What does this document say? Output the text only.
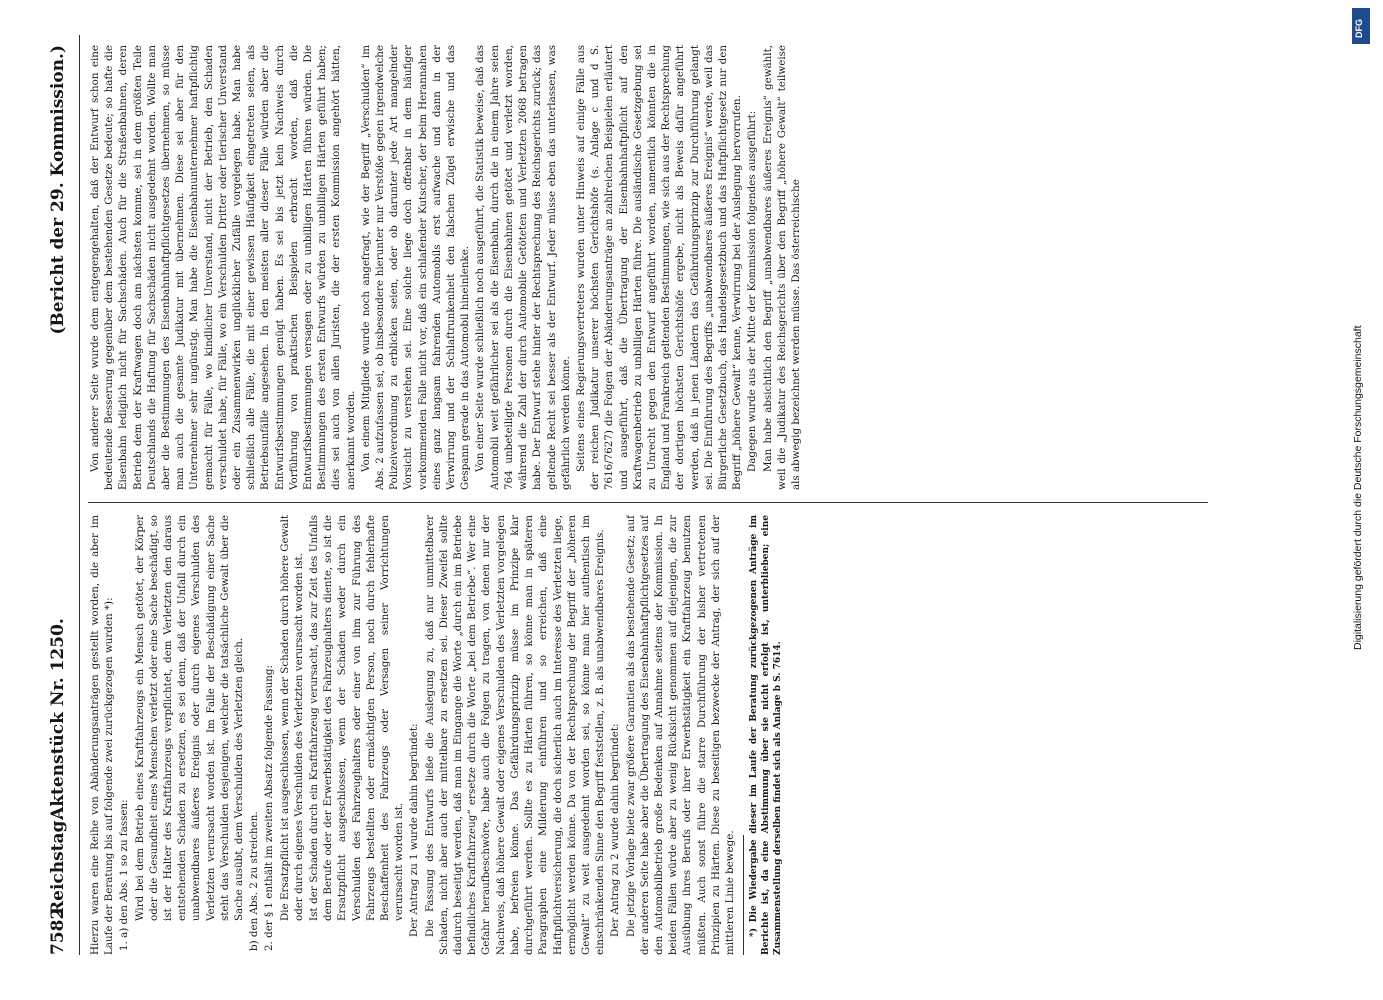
7582
Reichstag.
Aktenstück Nr. 1250.
(Bericht der 29. Kommission.)

Hierzu waren eine Reihe von Abänderungsanträgen gestellt worden, die aber im Laufe der Beratung bis auf folgende zwei zurückgezogen wurden *): 1. a) den Abs. 1 so zu fassen: Wird bei dem Betrieb eines Kraftfahrzeugs ein Mensch getötet, der Körper oder die Gesundheit eines Menschen verletzt oder eine Sache beschädigt, so ist der Halter des Kraftfahrzeugs verpflichtet, dem Verletzten den daraus entstehenden Schaden zu ersetzen, es sei denn, daß der Unfall durch ein unabwendbares äußeres Ereignis oder durch eigenes Verschulden des Verletzten verursacht worden ist. Im Falle der Beschädigung einer Sache steht das Verschulden desjenigen, welcher die tatsächliche Gewalt über die Sache ausübt, dem Verschulden des Verletzten gleich. b) den Abs. 2 zu streichen. 2. der § 1 enthält im zweiten Absatz folgende Fassung: Die Ersatzpflicht ist ausgeschlossen, wenn der Schaden durch höhere Gewalt oder durch eigenes Verschulden des Verletzten verursacht worden ist. Ist der Schaden durch ein Kraftfahrzeug verursacht, das zur Zeit des Unfalls dem Berufe oder der Erwerbstätigkeit des Fahrzeughalters diente, so ist die Ersatzpflicht ausgeschlossen, wenn der Schaden weder durch ein Verschulden des Fahrzeughalters oder einer von ihm zur Führung des Fahrzeugs bestellten oder ermächtigten Person, noch durch fehlerhafte Beschaffenheit des Fahrzeugs oder Versagen seiner Vorrichtungen verursacht worden ist. Der Antrag zu 1 wurde dahin begründet: Die Fassung des Entwurfs ließe die Auslegung zu, daß nur unmittelbarer Schaden, nicht aber auch der mittelbare zu ersetzen sei. Dieser Zweifel sollte dadurch beseitigt werden, daß man im Eingange die Worte „durch ein im Betriebe befindliches Kraftfahrzeug“ ersetze durch die Worte „bei dem Betriebe“. Wer eine Gefahr heraufbeschwöre, habe auch die Folgen zu tragen, von denen nur der Nachweis, daß höhere Gewalt oder eigenes Verschulden des Verletzten vorgelegen habe, befreien könne. Das Gefährdungsprinzip müsse im Prinzipe klar durchgeführt werden. Sollte es zu Härten führen, so könne man in späteren Paragraphen eine Milderung einführen und so erreichen, daß eine Haftpflichtversicherung, die doch sicherlich auch im Interesse des Verletzten liege, ermöglicht werden könne. Da von der Rechtsprechung der Begriff der „höheren Gewalt“ zu weit ausgedehnt worden sei, so könne man hier authentisch im einschränkenden Sinne den Begriff feststellen, z. B. als unabwendbares Ereignis. Der Antrag zu 2 wurde dahin begründet: Die jetzige Vorlage biete zwar größere Garantien als das bestehende Gesetz; auf der anderen Seite habe aber die Übertragung des Eisenbahnhaftpflichtgesetzes auf den Automobilbetrieb große Bedenken auf Annahme seitens der Kommission. In beiden Fällen würde aber zu wenig Rücksicht genommen auf diejenigen, die zur Ausübung ihres Berufs oder ihrer Erwerbstätigkeit ein Kraftfahrzeug benutzen müßten. Auch sonst führe die starre Durchführung der bisher vertretenen Prinzipien zu Härten. Diese zu beseitigen bezwecke der Antrag, der sich auf der mittleren Linie bewege. *) Die Wiedergabe dieser im Laufe der Beratung zurückgezogenen Anträge im Berichte ist, da eine Abstimmung über sie nicht erfolgt ist, unterblieben; eine Zusammenstellung derselben findet sich als Anlage b S. 7614.

Von anderer Seite wurde dem entgegengehalten, daß der Entwurf schon eine bedeutende Besserung gegenüber dem bestehenden Gesetze bedeute; so hafte die Eisenbahn lediglich nicht für Sachschäden. Auch für die Straßenbahnen, deren Betrieb dem der Kraftwagen doch am nächsten komme, sei in dem größten Teile Deutschlands die Haftung für Sachschäden nicht ausgedehnt worden. Wollte man aber die Bestimmungen des Eisenbahnhaftpflichtgesetzes übernehmen, so müsse man auch die gesamte Judikatur mit übernehmen. Diese sei aber für den Unternehmer sehr ungünstig. Man habe die Eisenbahnunternehmer haftpflichtig gemacht für Fälle, wo kindlicher Unverstand, nicht der Betrieb, den Schaden verschuldet habe, für Fälle, wo ein Verschulden Dritter oder tierischer Unverstand oder ein Zusammenwirken unglücklicher Zufälle vorgelegen habe. Man habe schließlich alle Fälle, die mit einer gewissen Häufigkeit eingetreten seien, als Betriebsunfälle angesehen. In den meisten aller dieser Fälle würden aber die Entwurfsbestimmungen genügt haben. Es sei bis jetzt kein Nachweis durch Vorführung von praktischen Beispielen erbracht worden, daß die Entwurfsbestimmungen versagen oder zu unbilligen Härten führen würden. Die Bestimmungen des ersten Entwurfs würden zu unbilligen Härten geführt haben; dies sei auch von allen Juristen, die der ersten Kommission angehört hätten, anerkannt worden. Von einem Mitgliede wurde noch angefragt, wie der Begriff „Verschulden“ im Abs. 2 aufzufassen sei, ob insbesondere hierunter nur Verstöße gegen irgendwelche Polizeiverordnung zu erblicken seien, oder ob darunter jede Art mangelnder Vorsicht zu verstehen sei. Eine solche liege doch offenbar in dem häufiger vorkommenden Falle nicht vor, daß ein schlafender Kutscher, der beim Herannahen eines ganz langsam fahrenden Automobils erst aufwache und dann in der Verwirrung und der Schlaftrunkenheit den falschen Zügel erwische und das Gespann gerade in das Automobil hineinlenke. Von einer Seite wurde schließlich noch ausgeführt, die Statistik beweise, daß das Automobil weit gefährlicher sei als die Eisenbahn, durch die in einem Jahre seien 764 unbeteiligte Personen durch die Eisenbahnen getötet und verletzt worden, während die Zahl der durch Automobile Getöteten und Verletzten 2068 betragen habe. Der Entwurf stehe hinter der Rechtsprechung des Reichsgerichts zurück; das geltende Recht sei besser als der Entwurf. Jeder müsse eben das unterlassen, was gefährlich werden könne. Seitens eines Regierungsvertreters wurden unter Hinweis auf einige Fälle aus der reichen Judikatur unserer höchsten Gerichtshöfe (s. Anlage c und d S. 7616/7627) die Folgen der Abänderungsanträge an zahlreichen Beispielen erläutert und ausgeführt, daß die Übertragung der Eisenbahnhaftpflicht auf den Kraftwagenbetrieb zu unbilligen Härten führe. Die ausländische Gesetzgebung sei zu Unrecht gegen den Entwurf angeführt worden, namentlich könnten die in England und Frankreich geltenden Bestimmungen, wie sich aus der Rechtsprechung der dortigen höchsten Gerichtshöfe ergebe, nicht als Beweis dafür angeführt werden, daß in jenen Ländern das Gefährdungsprinzip zur Durchführung gelangt sei. Die Einführung des Begriffs „unabwendbares äußeres Ereignis“ werde, weil das Bürgerliche Gesetzbuch, das Handelsgesetzbuch und das Haftpflichtgesetz nur den Begriff „höhere Gewalt“ kenne, Verwirrung bei der Auslegung hervorrufen. Dagegen wurde aus der Mitte der Kommission folgendes ausgeführt: Man habe absichtlich den Begriff „unabwendbares äußeres Ereignis“ gewählt, weil die „Judikatur des Reichsgerichts über den Begriff „höhere Gewalt“ teilweise als abwegig bezeichnet werden müsse. Das österreichische

DFG
Digitalisierung gefördert durch die Deutsche Forschungsgemeinschaft
